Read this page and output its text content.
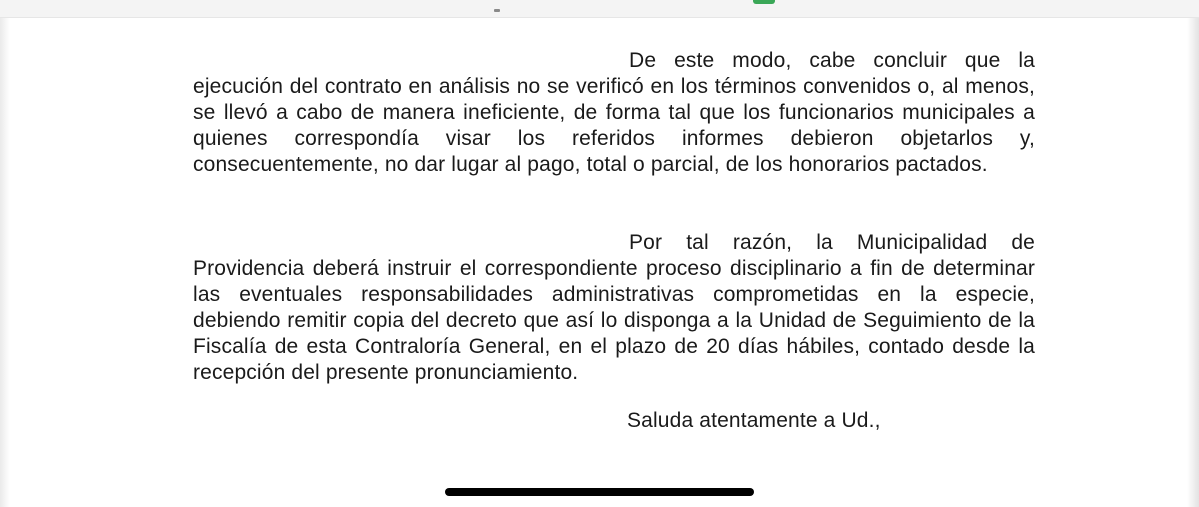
De este modo, cabe concluir que la ejecución del contrato en análisis no se verificó en los términos convenidos o, al menos, se llevó a cabo de manera ineficiente, de forma tal que los funcionarios municipales a quienes correspondía visar los referidos informes debieron objetarlos y, consecuentemente, no dar lugar al pago, total o parcial, de los honorarios pactados.

Por tal razón, la Municipalidad de Providencia deberá instruir el correspondiente proceso disciplinario a fin de determinar las eventuales responsabilidades administrativas comprometidas en la especie, debiendo remitir copia del decreto que así lo disponga a la Unidad de Seguimiento de la Fiscalía de esta Contraloría General, en el plazo de 20 días hábiles, contado desde la recepción del presente pronunciamiento.

Saluda atentamente a Ud.,
